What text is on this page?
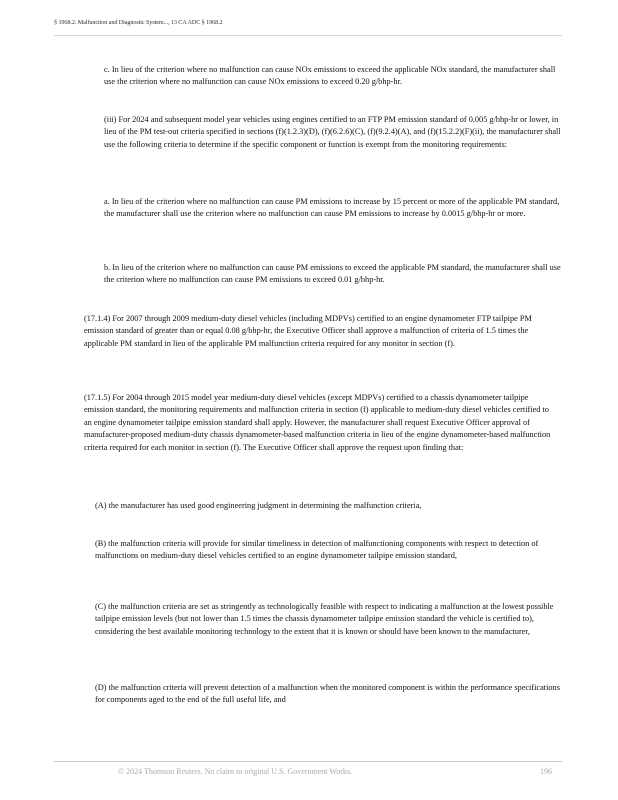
§ 1968.2. Malfunction and Diagnostic System..., 13 CA ADC § 1968.2

c. In lieu of the criterion where no malfunction can cause NOx emissions to exceed the applicable NOx standard, the manufacturer shall use the criterion where no malfunction can cause NOx emissions to exceed 0.20 g/bhp-hr.

(iii) For 2024 and subsequent model year vehicles using engines certified to an FTP PM emission standard of 0.005 g/bhp-hr or lower, in lieu of the PM test-out criteria specified in sections (f)(1.2.3)(D), (f)(6.2.6)(C), (f)(9.2.4)(A), and (f)(15.2.2)(F)(ii), the manufacturer shall use the following criteria to determine if the specific component or function is exempt from the monitoring requirements:

a. In lieu of the criterion where no malfunction can cause PM emissions to increase by 15 percent or more of the applicable PM standard, the manufacturer shall use the criterion where no malfunction can cause PM emissions to increase by 0.0015 g/bhp-hr or more.

b. In lieu of the criterion where no malfunction can cause PM emissions to exceed the applicable PM standard, the manufacturer shall use the criterion where no malfunction can cause PM emissions to exceed 0.01 g/bhp-hr.

(17.1.4) For 2007 through 2009 medium-duty diesel vehicles (including MDPVs) certified to an engine dynamometer FTP tailpipe PM emission standard of greater than or equal 0.08 g/bhp-hr, the Executive Officer shall approve a malfunction of criteria of 1.5 times the applicable PM standard in lieu of the applicable PM malfunction criteria required for any monitor in section (f).

(17.1.5) For 2004 through 2015 model year medium-duty diesel vehicles (except MDPVs) certified to a chassis dynamometer tailpipe emission standard, the monitoring requirements and malfunction criteria in section (f) applicable to medium-duty diesel vehicles certified to an engine dynamometer tailpipe emission standard shall apply. However, the manufacturer shall request Executive Officer approval of manufacturer-proposed medium-duty chassis dynamometer-based malfunction criteria in lieu of the engine dynamometer-based malfunction criteria required for each monitor in section (f). The Executive Officer shall approve the request upon finding that:

(A) the manufacturer has used good engineering judgment in determining the malfunction criteria,

(B) the malfunction criteria will provide for similar timeliness in detection of malfunctioning components with respect to detection of malfunctions on medium-duty diesel vehicles certified to an engine dynamometer tailpipe emission standard,

(C) the malfunction criteria are set as stringently as technologically feasible with respect to indicating a malfunction at the lowest possible tailpipe emission levels (but not lower than 1.5 times the chassis dynamometer tailpipe emission standard the vehicle is certified to), considering the best available monitoring technology to the extent that it is known or should have been known to the manufacturer,

(D) the malfunction criteria will prevent detection of a malfunction when the monitored component is within the performance specifications for components aged to the end of the full useful life, and

© 2024 Thomson Reuters. No claim to original U.S. Government Works.	196
